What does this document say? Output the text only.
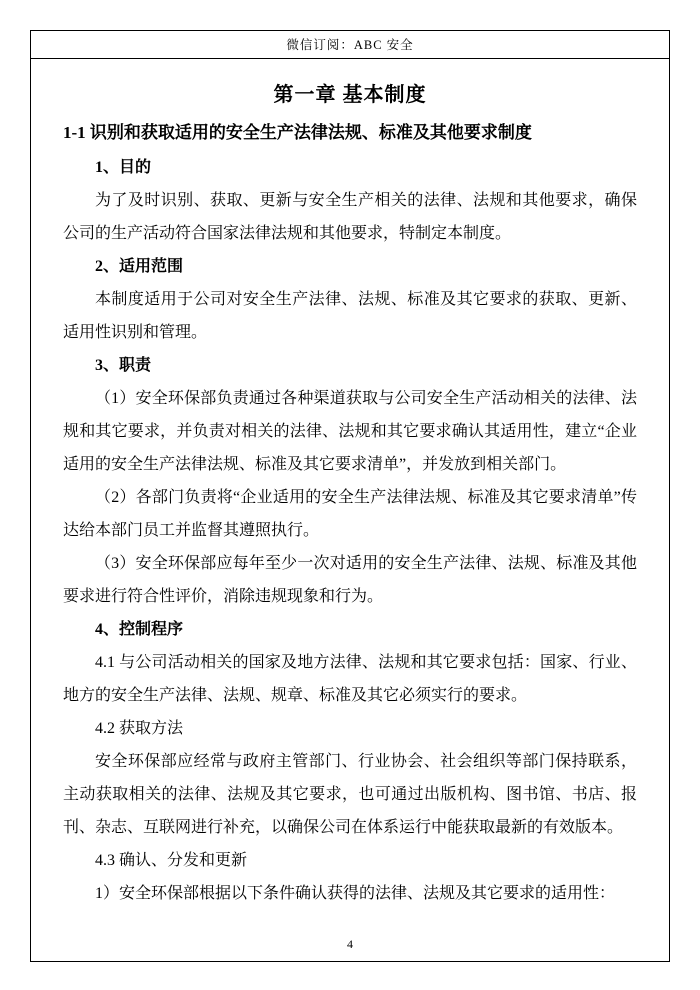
微信订阅：ABC 安全
第一章 基本制度
1-1 识别和获取适用的安全生产法律法规、标准及其他要求制度

1、目的

为了及时识别、获取、更新与安全生产相关的法律、法规和其他要求，确保公司的生产活动符合国家法律法规和其他要求，特制定本制度。

2、适用范围

本制度适用于公司对安全生产法律、法规、标准及其它要求的获取、更新、适用性识别和管理。

3、职责

（1）安全环保部负责通过各种渠道获取与公司安全生产活动相关的法律、法规和其它要求，并负责对相关的法律、法规和其它要求确认其适用性，建立“企业适用的安全生产法律法规、标准及其它要求清单”，并发放到相关部门。

（2）各部门负责将“企业适用的安全生产法律法规、标准及其它要求清单”传达给本部门员工并监督其遵照执行。

（3）安全环保部应每年至少一次对适用的安全生产法律、法规、标准及其他要求进行符合性评价，消除违规现象和行为。

4、控制程序

4.1 与公司活动相关的国家及地方法律、法规和其它要求包括：国家、行业、地方的安全生产法律、法规、规章、标准及其它必须实行的要求。

4.2 获取方法

安全环保部应经常与政府主管部门、行业协会、社会组织等部门保持联系，主动获取相关的法律、法规及其它要求，也可通过出版机构、图书馆、书店、报刊、杂志、互联网进行补充，以确保公司在体系运行中能获取最新的有效版本。

4.3 确认、分发和更新

1）安全环保部根据以下条件确认获得的法律、法规及其它要求的适用性：

4
